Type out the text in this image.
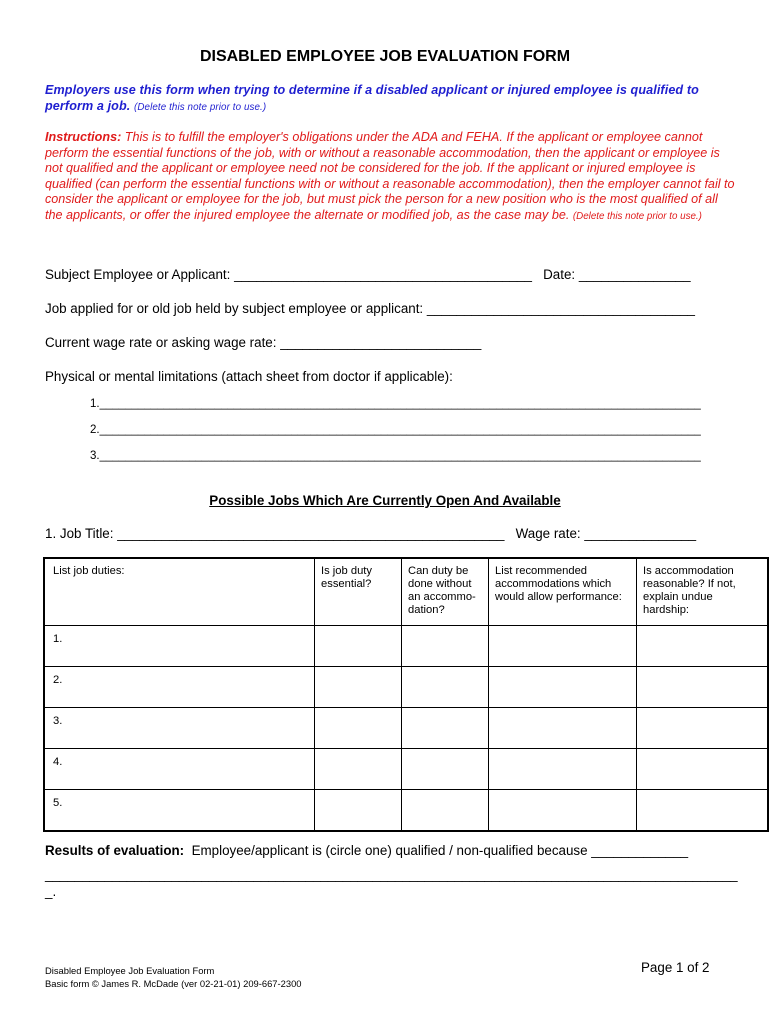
DISABLED EMPLOYEE JOB EVALUATION FORM
Employers use this form when trying to determine if a disabled applicant or injured employee is qualified to perform a job. (Delete this note prior to use.)
Instructions: This is to fulfill the employer's obligations under the ADA and FEHA. If the applicant or employee cannot perform the essential functions of the job, with or without a reasonable accommodation, then the applicant or employee is not qualified and the applicant or employee need not be considered for the job. If the applicant or injured employee is qualified (can perform the essential functions with or without a reasonable accommodation), then the employer cannot fail to consider the applicant or employee for the job, but must pick the person for a new position who is the most qualified of all the applicants, or offer the injured employee the alternate or modified job, as the case may be. (Delete this note prior to use.)
Subject Employee or Applicant: ________________________________________   Date: _______________
Job applied for or old job held by subject employee or applicant: ____________________________________
Current wage rate or asking wage rate: ___________________________
Physical or mental limitations (attach sheet from doctor if applicable):
1.______________________________________________________________________________________________
2.______________________________________________________________________________________________
3.______________________________________________________________________________________________
Possible Jobs Which Are Currently Open And Available
1. Job Title: ____________________________________________________   Wage rate: _______________
List job duties:	Is job duty essential?	Can duty be done without an accommo-dation?	List recommended accommodations which would allow performance:	Is accommodation reasonable? If not, explain undue hardship:
1.				
2.				
3.				
4.				
5.				
Results of evaluation:  Employee/applicant is (circle one) qualified / non-qualified because _____________
_____________________________________________________________________________________________
_.
Disabled Employee Job Evaluation Form
Basic form © James R. McDade (ver 02-21-01) 209-667-2300
Page 1 of 2
